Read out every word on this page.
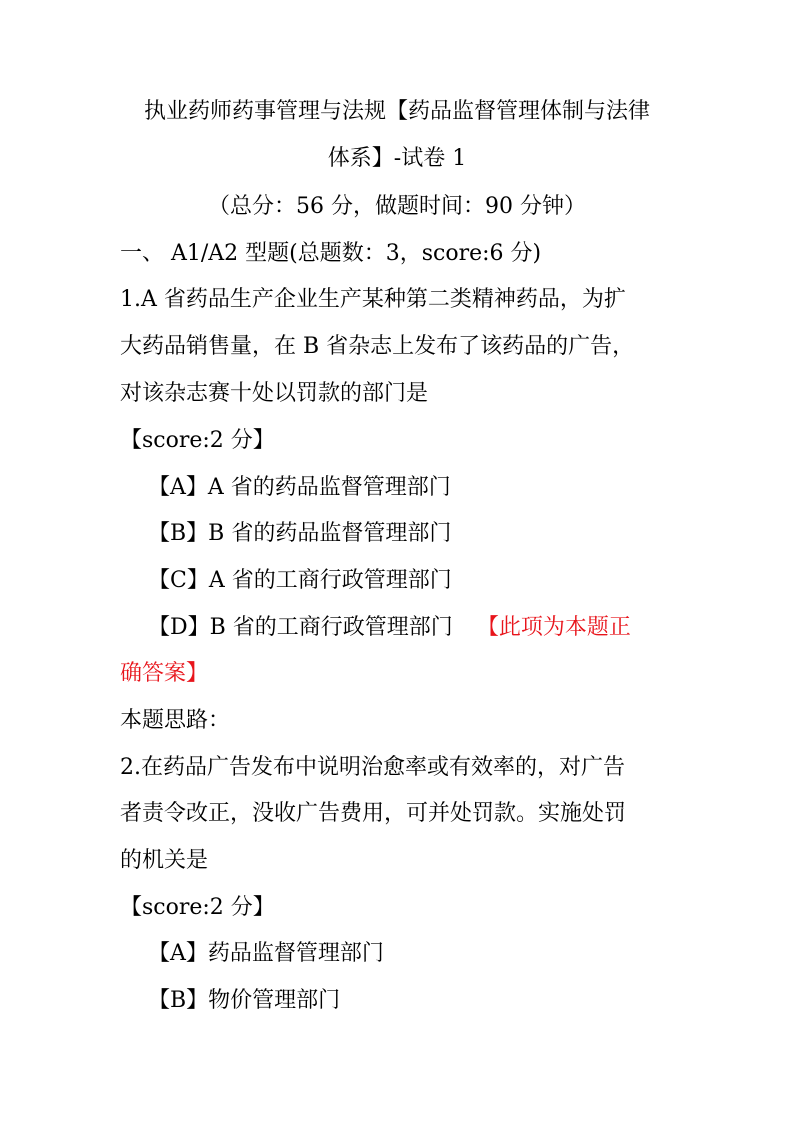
执业药师药事管理与法规【药品监督管理体制与法律
体系】-试卷 1
（总分：56 分，做题时间：90 分钟）
一、 A1/A2 型题(总题数：3，score:6 分)
1.A 省药品生产企业生产某种第二类精神药品，为扩
大药品销售量，在 B 省杂志上发布了该药品的广告，
对该杂志赛十处以罚款的部门是
【score:2 分】
【A】A 省的药品监督管理部门
【B】B 省的药品监督管理部门
【C】A 省的工商行政管理部门
【D】B 省的工商行政管理部门 【此项为本题正
确答案】
本题思路：
2.在药品广告发布中说明治愈率或有效率的，对广告
者责令改正，没收广告费用，可并处罚款。实施处罚
的机关是
【score:2 分】
【A】药品监督管理部门
【B】物价管理部门
